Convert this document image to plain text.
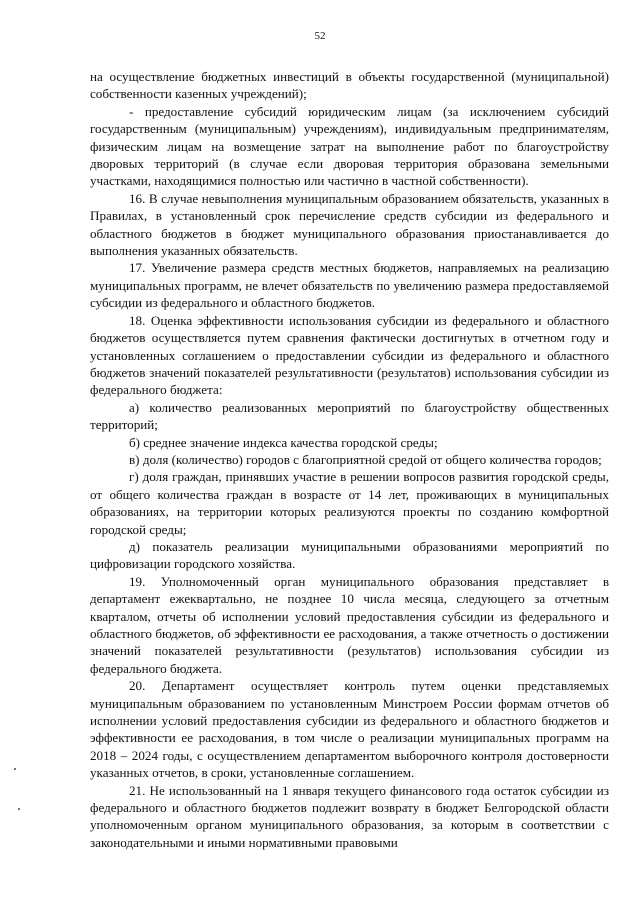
52

на осуществление бюджетных инвестиций в объекты государственной (муниципальной) собственности казенных учреждений);

- предоставление субсидий юридическим лицам (за исключением субсидий государственным (муниципальным) учреждениям), индивидуальным предпринимателям, физическим лицам на возмещение затрат на выполнение работ по благоустройству дворовых территорий (в случае если дворовая территория образована земельными участками, находящимися полностью или частично в частной собственности).

16. В случае невыполнения муниципальным образованием обязательств, указанных в Правилах, в установленный срок перечисление средств субсидии из федерального и областного бюджетов в бюджет муниципального образования приостанавливается до выполнения указанных обязательств.

17. Увеличение размера средств местных бюджетов, направляемых на реализацию муниципальных программ, не влечет обязательств по увеличению размера предоставляемой субсидии из федерального и областного бюджетов.

18. Оценка эффективности использования субсидии из федерального и областного бюджетов осуществляется путем сравнения фактически достигнутых в отчетном году и установленных соглашением о предоставлении субсидии из федерального и областного бюджетов значений показателей результативности (результатов) использования субсидии из федерального бюджета:

а) количество реализованных мероприятий по благоустройству общественных территорий;

б) среднее значение индекса качества городской среды;

в) доля (количество) городов с благоприятной средой от общего количества городов;

г) доля граждан, принявших участие в решении вопросов развития городской среды, от общего количества граждан в возрасте от 14 лет, проживающих в муниципальных образованиях, на территории которых реализуются проекты по созданию комфортной городской среды;

д) показатель реализации муниципальными образованиями мероприятий по цифровизации городского хозяйства.

19. Уполномоченный орган муниципального образования представляет в департамент ежеквартально, не позднее 10 числа месяца, следующего за отчетным кварталом, отчеты об исполнении условий предоставления субсидии из федерального и областного бюджетов, об эффективности ее расходования, а также отчетность о достижении значений показателей результативности (результатов) использования субсидии из федерального бюджета.

20. Департамент осуществляет контроль путем оценки представляемых муниципальным образованием по установленным Минстроем России формам отчетов об исполнении условий предоставления субсидии из федерального и областного бюджетов и эффективности ее расходования, в том числе о реализации муниципальных программ на 2018 – 2024 годы, с осуществлением департаментом выборочного контроля достоверности указанных отчетов, в сроки, установленные соглашением.

21. Не использованный на 1 января текущего финансового года остаток субсидии из федерального и областного бюджетов подлежит возврату в бюджет Белгородской области уполномоченным органом муниципального образования, за которым в соответствии с законодательными и иными нормативными правовыми
